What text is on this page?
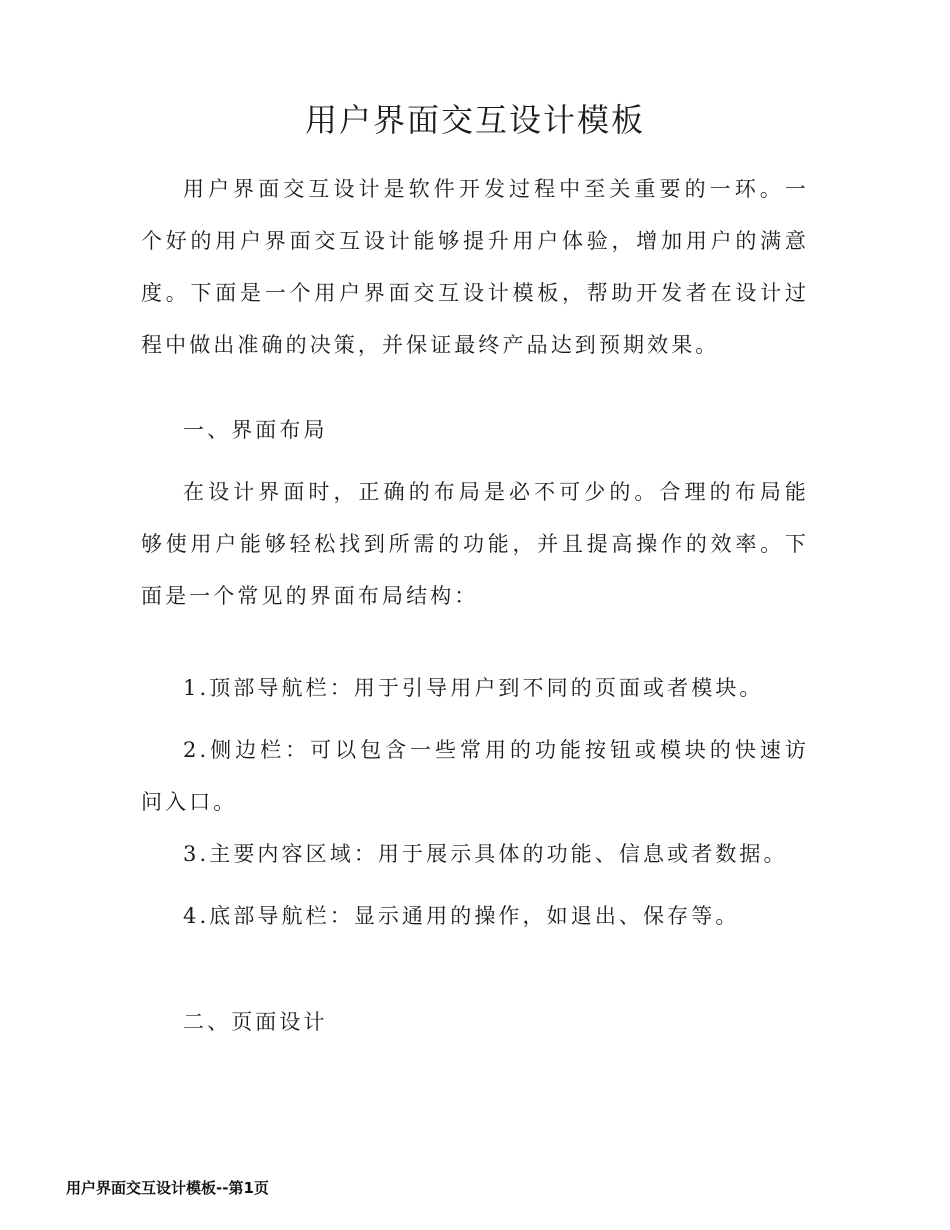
用户界面交互设计模板

用户界面交互设计是软件开发过程中至关重要的一环。一个好的用户界面交互设计能够提升用户体验，增加用户的满意度。下面是一个用户界面交互设计模板，帮助开发者在设计过程中做出准确的决策，并保证最终产品达到预期效果。

一、界面布局

在设计界面时，正确的布局是必不可少的。合理的布局能够使用户能够轻松找到所需的功能，并且提高操作的效率。下面是一个常见的界面布局结构：

1.顶部导航栏：用于引导用户到不同的页面或者模块。

2.侧边栏：可以包含一些常用的功能按钮或模块的快速访问入口。

3.主要内容区域：用于展示具体的功能、信息或者数据。

4.底部导航栏：显示通用的操作，如退出、保存等。

二、页面设计
用户界面交互设计模板--第1页
